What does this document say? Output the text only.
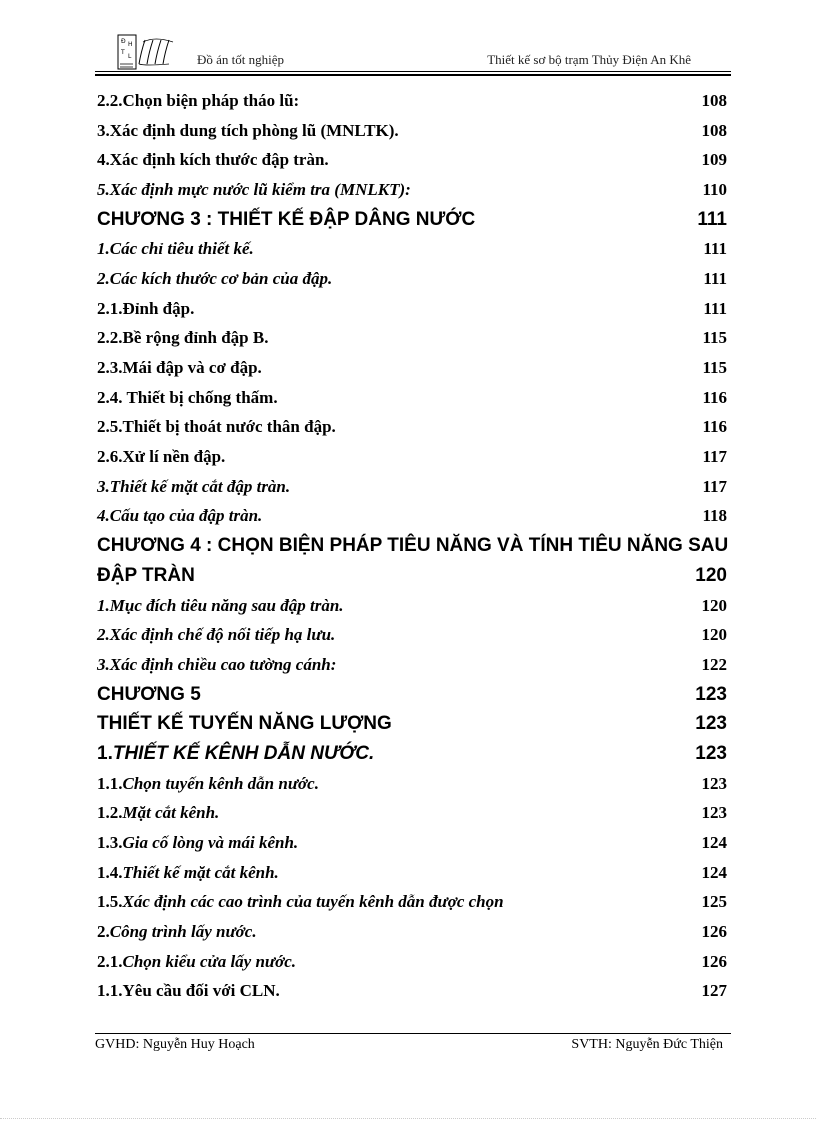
Đ H
T
L	Đồ án tốt nghiệp	Thiết kế sơ bộ trạm Thủy Điện An Khê
2.2.Chọn biện pháp tháo lũ:	108
3.Xác định dung tích phòng lũ (MNLTK).	108
4.Xác định kích thước đập tràn.	109
5.Xác định mực nước lũ kiểm tra (MNLKT):	110
CHƯƠNG 3 : THIẾT KẾ ĐẬP DÂNG NƯỚC	111
1.Các chỉ tiêu thiết kế.	111
2.Các kích thước cơ bản của đập.	111
2.1.Đỉnh đập.	111
2.2.Bề rộng đỉnh đập B.	115
2.3.Mái đập và cơ đập.	115
2.4. Thiết bị chống thấm.	116
2.5.Thiết bị thoát nước thân đập.	116
2.6.Xử lí nền đập.	117
3.Thiết kế mặt cắt đập tràn.	117
4.Cấu tạo của đập tràn.	118
CHƯƠNG 4 : CHỌN BIỆN PHÁP TIÊU NĂNG VÀ TÍNH TIÊU NĂNG SAU
ĐẬP TRÀN	120
1.Mục đích tiêu năng sau đập tràn.	120
2.Xác định chế độ nối tiếp hạ lưu.	120
3.Xác định chiều cao tường cánh:	122
CHƯƠNG 5	123
THIẾT KẾ TUYẾN NĂNG LƯỢNG	123
1.THIẾT KẾ KÊNH DẪN NƯỚC.	123
1.1.Chọn tuyến kênh dẫn nước.	123
1.2.Mặt cắt kênh.	123
1.3.Gia cố lòng và mái kênh.	124
1.4.Thiết kế mặt cắt kênh.	124
1.5.Xác định các cao trình của tuyến kênh dẫn được chọn	125
2.Công trình lấy nước.	126
2.1.Chọn kiểu cửa lấy nước.	126
1.1.Yêu cầu đối với CLN.	127
GVHD: Nguyễn Huy Hoạch	SVTH: Nguyễn Đức Thiện
